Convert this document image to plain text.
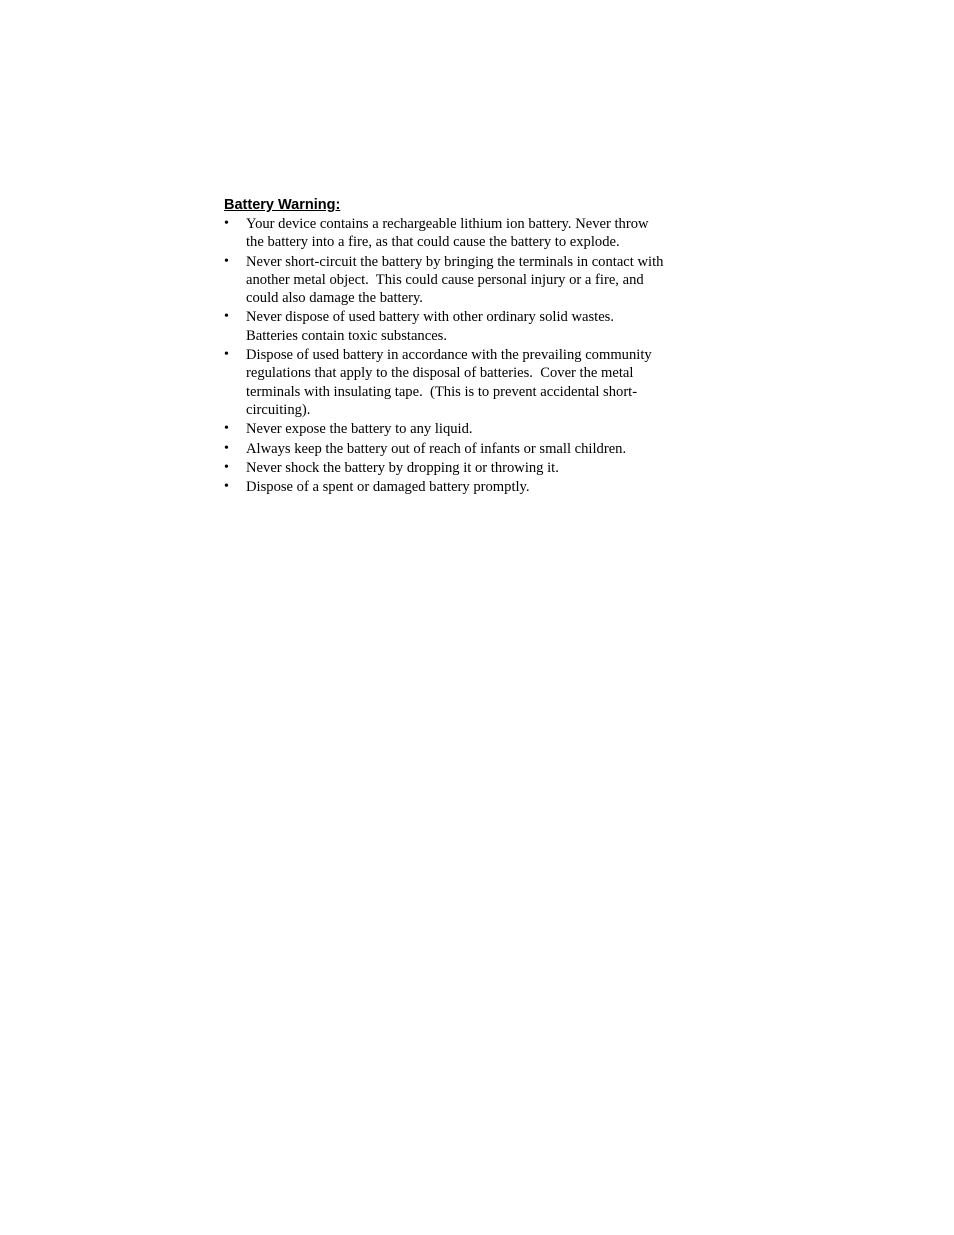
Battery Warning:
•	Your device contains a rechargeable lithium ion battery. Never throw
the battery into a fire, as that could cause the battery to explode.
•	Never short-circuit the battery by bringing the terminals in contact with
another metal object.  This could cause personal injury or a fire, and
could also damage the battery.
•	Never dispose of used battery with other ordinary solid wastes.
Batteries contain toxic substances.
•	Dispose of used battery in accordance with the prevailing community
regulations that apply to the disposal of batteries.  Cover the metal
terminals with insulating tape.  (This is to prevent accidental short-
circuiting).
•	Never expose the battery to any liquid.
•	Always keep the battery out of reach of infants or small children.
•	Never shock the battery by dropping it or throwing it.
•	Dispose of a spent or damaged battery promptly.
